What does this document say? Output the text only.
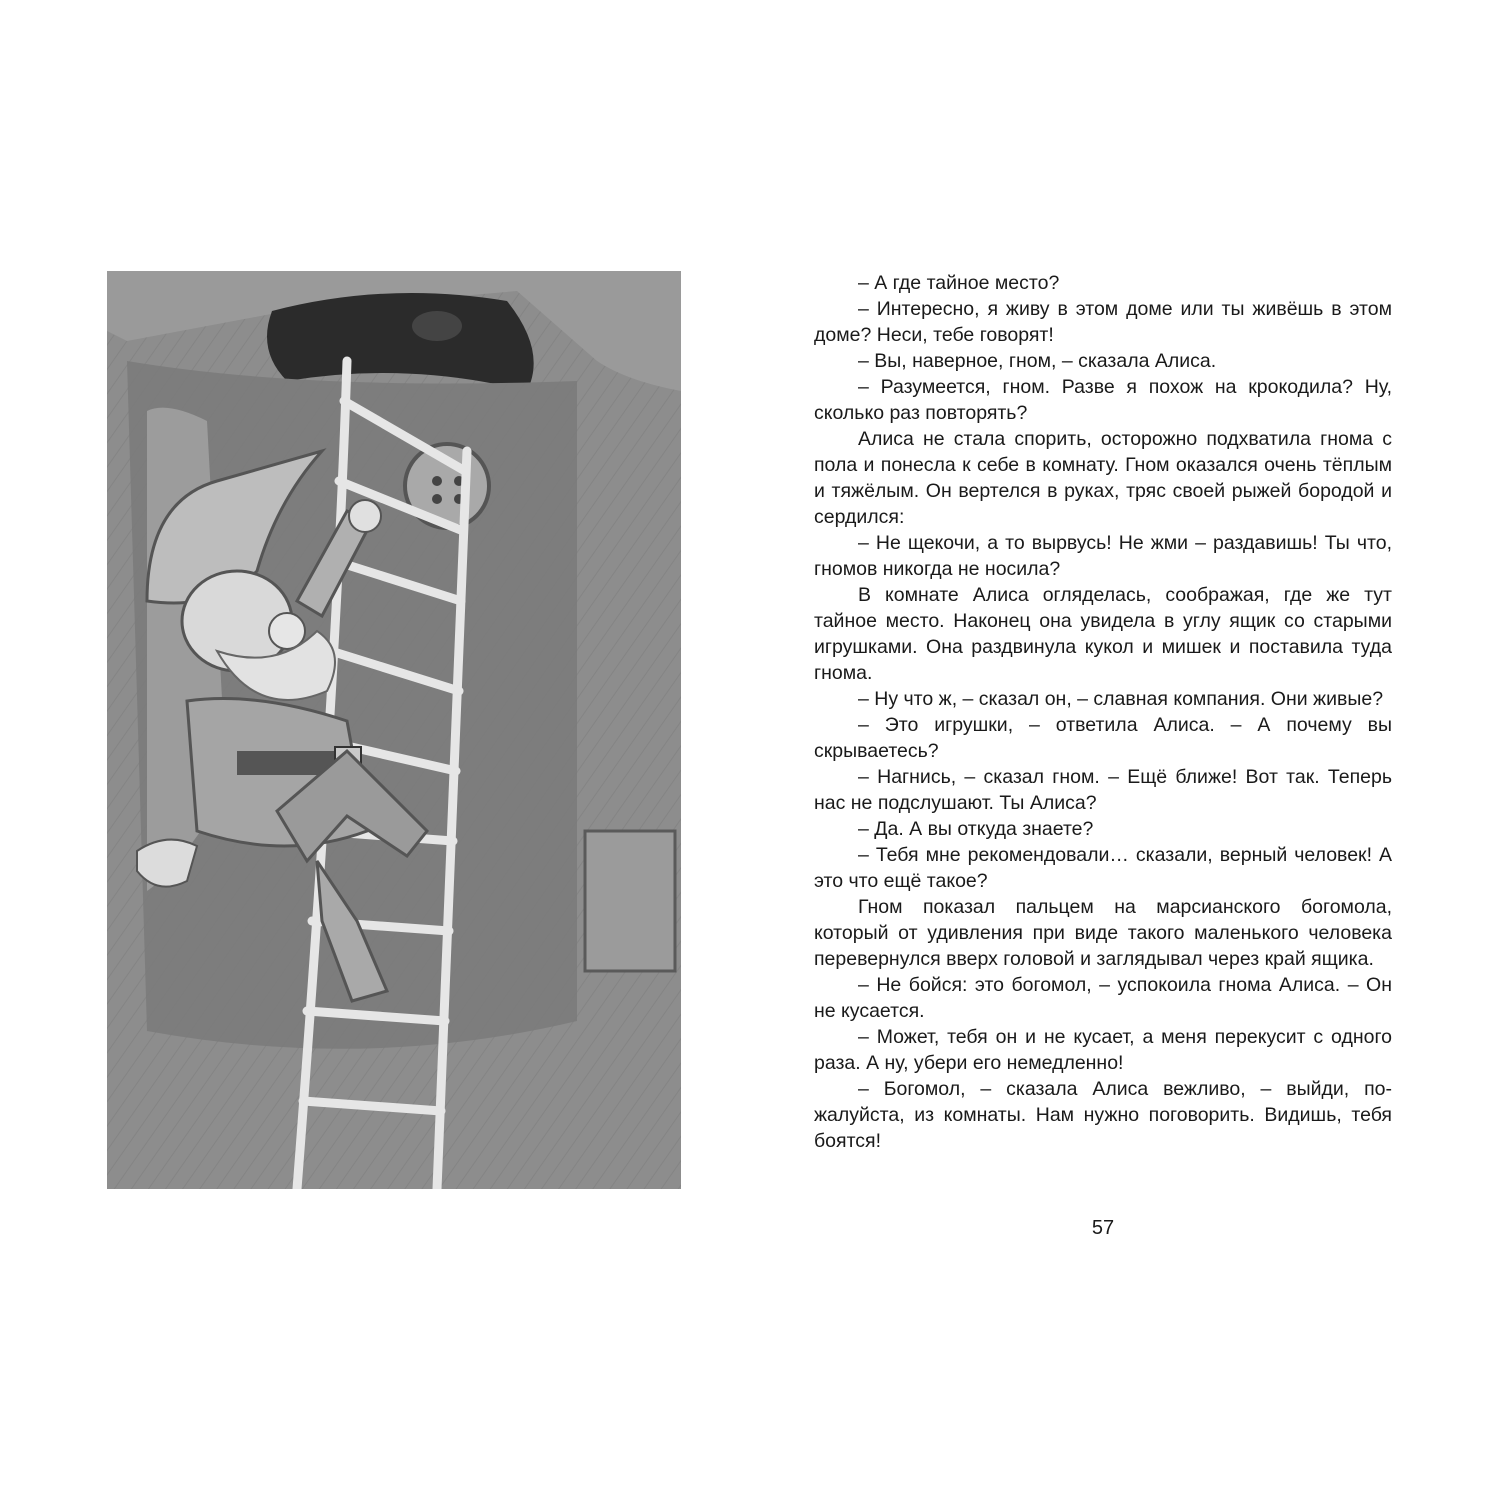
– А где тайное место?

– Интересно, я живу в этом доме или ты живёшь в этом доме? Неси, тебе говорят!

– Вы, наверное, гном, – сказала Алиса.

– Разумеется, гном. Разве я похож на крокодила? Ну, сколько раз повторять?

Алиса не стала спорить, осторожно подхватила гнома с пола и понесла к себе в комнату. Гном оказался очень тёплым и тяжёлым. Он вертелся в руках, тряс своей рыжей бородой и сердился:

– Не щекочи, а то вырвусь! Не жми – раздавишь! Ты что, гномов никогда не носила?

В комнате Алиса огляделась, соображая, где же тут тайное место. Наконец она увидела в углу ящик со старыми игрушками. Она раздвинула кукол и мишек и поставила туда гнома.

– Ну что ж, – сказал он, – славная компания. Они живые?

– Это игрушки, – ответила Алиса. – А почему вы скрываетесь?

– Нагнись, – сказал гном. – Ещё ближе! Вот так. Теперь нас не подслушают. Ты Алиса?

– Да. А вы откуда знаете?

– Тебя мне рекомендовали… сказали, верный человек! А это что ещё такое?

Гном показал пальцем на марсианского богомола, который от удивления при виде такого маленького человека перевернулся вверх головой и заглядывал через край ящика.

– Не бойся: это богомол, – успокоила гнома Алиса. – Он не кусается.

– Может, тебя он и не кусает, а меня перекусит с одного раза. А ну, убери его немедленно!

– Богомол, – сказала Алиса вежливо, – выйди, пожалуйста, из комнаты. Нам нужно поговорить. Видишь, тебя боятся!

57
